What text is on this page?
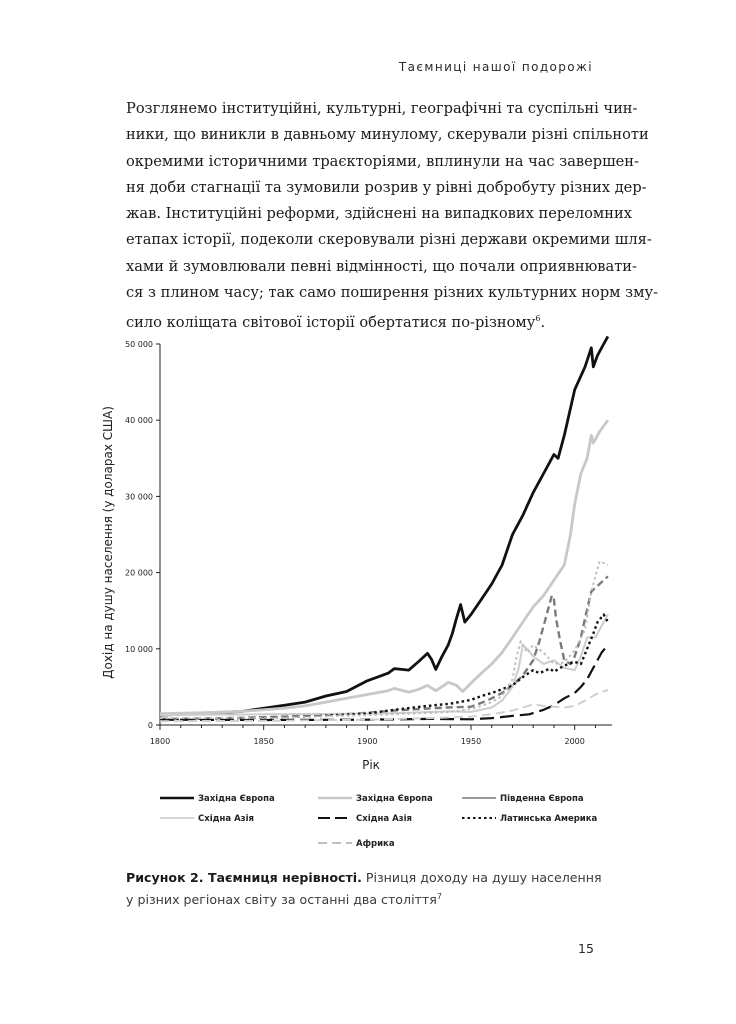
Таємниці нашої подорожі

Розглянемо інституційні, культурні, географічні та суспільні чин-
ники, що виникли в давньому минулому, скерували різні спільноти
окремими історичними траєкторіями, вплинули на час завершен-
ня доби стагнації та зумовили розрив у рівні добробуту різних дер-
жав. Інституційні реформи, здійснені на випадкових переломних
етапах історії, подеколи скеровували різні держави окремими шля-
хами й зумовлювали певні відмінності, що почали оприявнювати-
ся з плином часу; так само поширення різних культурних норм зму-
сило коліщата світової історії обертатися по-різному$^6$.

0
10 000
20 000
30 000
40 000
50 000
1800	1850	1900	1950	2000
Рік
Дохід на душу населення (у доларах США)
Західна Європа	Західна Європа	Південна Європа
Східна Азія	Східна Азія	Латинська Америка
Африка

Рисунок 2. Таємниця нерівності. Різниця доходу на душу населення
у різних регіонах світу за останні два століття$^7$

15
